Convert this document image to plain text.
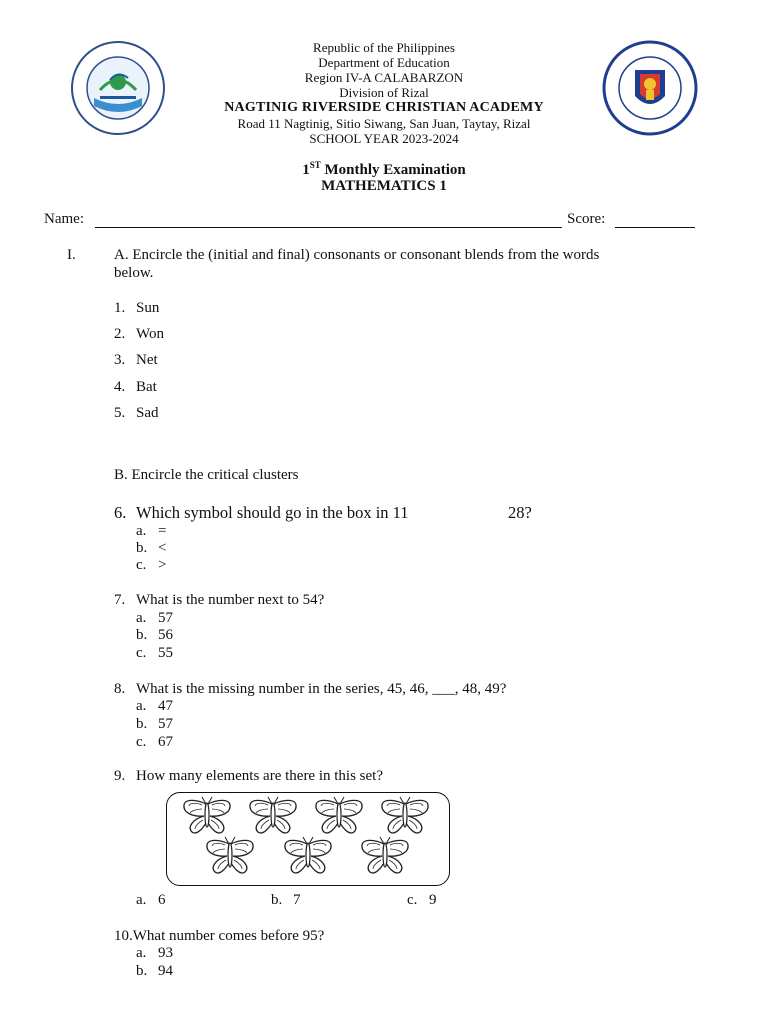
Republic of the Philippines
Department of Education
Region IV-A CALABARZON
Division of Rizal
NAGTINIG RIVERSIDE CHRISTIAN ACADEMY
Road 11 Nagtinig, Sitio Siwang, San Juan, Taytay, Rizal
SCHOOL YEAR 2023-2024
1ST Monthly Examination
MATHEMATICS 1
Name:	Score:
I.	A. Encircle the (initial and final) consonants or consonant blends from the words
below.
1. Sun
2. Won
3. Net
4. Bat
5. Sad
B. Encircle the critical clusters
6. Which symbol should go in the box in 11	28?
a. =
b. <
c. >
7. What is the number next to 54?
a. 57
b. 56
c. 55
8. What is the missing number in the series, 45, 46, ___, 48, 49?
a. 47
b. 57
c. 67
9. How many elements are there in this set?
a. 6	b. 7	c. 9
10.What number comes before 95?
a. 93
b. 94
